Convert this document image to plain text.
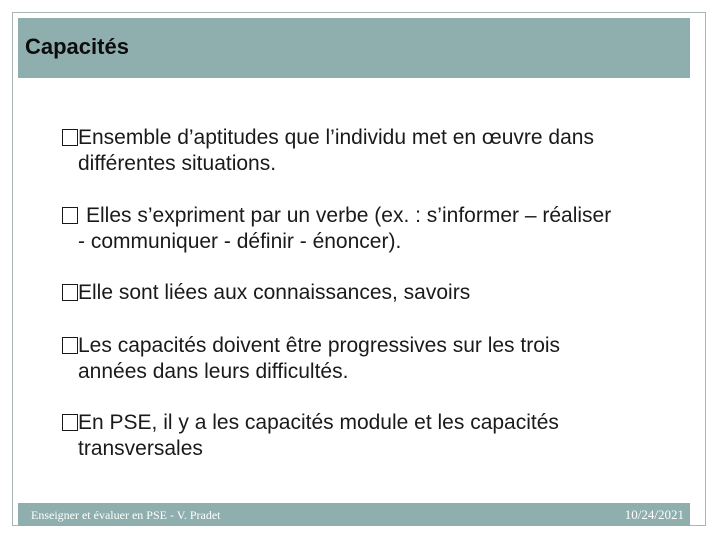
Capacités
Ensemble d’aptitudes que l’individu met en œuvre dans
différentes situations.
Elles s’expriment par un verbe (ex. : s’informer – réaliser
- communiquer - définir - énoncer).
Elle sont liées aux connaissances, savoirs
Les capacités doivent être progressives sur les trois
années dans leurs difficultés.
En PSE, il y a les capacités module et les capacités
transversales
Enseigner et évaluer en PSE - V. Pradet	10/24/2021
